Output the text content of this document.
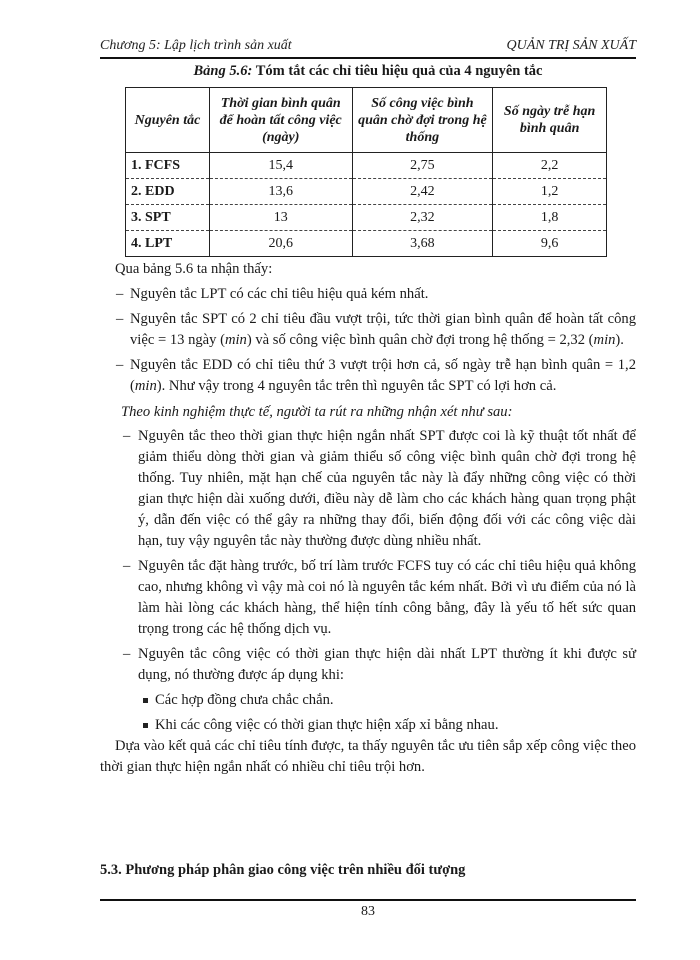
Chương 5: Lập lịch trình sản xuất	QUẢN TRỊ SẢN XUẤT
Bảng 5.6: Tóm tắt các chỉ tiêu hiệu quả của 4 nguyên tắc
Nguyên tắc	Thời gian bình quân để hoàn tất công việc (ngày)	Số công việc bình quân chờ đợi trong hệ thống	Số ngày trễ hạn bình quân
1. FCFS	15,4	2,75	2,2
2. EDD	13,6	2,42	1,2
3. SPT	13	2,32	1,8
4. LPT	20,6	3,68	9,6

Qua bảng 5.6 ta nhận thấy:

– Nguyên tắc LPT có các chỉ tiêu hiệu quả kém nhất.

– Nguyên tắc SPT có 2 chỉ tiêu đầu vượt trội, tức thời gian bình quân để hoàn tất công việc = 13 ngày (min) và số công việc bình quân chờ đợi trong hệ thống = 2,32 (min).

– Nguyên tắc EDD có chỉ tiêu thứ 3 vượt trội hơn cả, số ngày trễ hạn bình quân = 1,2 (min). Như vậy trong 4 nguyên tắc trên thì nguyên tắc SPT có lợi hơn cả.

Theo kinh nghiệm thực tế, người ta rút ra những nhận xét như sau:

– Nguyên tắc theo thời gian thực hiện ngắn nhất SPT được coi là kỹ thuật tốt nhất để giảm thiểu dòng thời gian và giảm thiểu số công việc bình quân chờ đợi trong hệ thống. Tuy nhiên, mặt hạn chế của nguyên tắc này là đẩy những công việc có thời gian thực hiện dài xuống dưới, điều này dễ làm cho các khách hàng quan trọng phật ý, dẫn đến việc có thể gây ra những thay đổi, biến động đối với các công việc dài hạn, tuy vậy nguyên tắc này thường được dùng nhiều nhất.

– Nguyên tắc đặt hàng trước, bố trí làm trước FCFS tuy có các chỉ tiêu hiệu quả không cao, nhưng không vì vậy mà coi nó là nguyên tắc kém nhất. Bởi vì ưu điểm của nó là làm hài lòng các khách hàng, thể hiện tính công bằng, đây là yếu tố hết sức quan trọng trong các hệ thống dịch vụ.

– Nguyên tắc công việc có thời gian thực hiện dài nhất LPT thường ít khi được sử dụng, nó thường được áp dụng khi:

Các hợp đồng chưa chắc chắn.

Khi các công việc có thời gian thực hiện xấp xỉ bằng nhau.

Dựa vào kết quả các chỉ tiêu tính được, ta thấy nguyên tắc ưu tiên sắp xếp công việc theo thời gian thực hiện ngắn nhất có nhiều chỉ tiêu trội hơn.

5.3. Phương pháp phân giao công việc trên nhiều đối tượng
83
